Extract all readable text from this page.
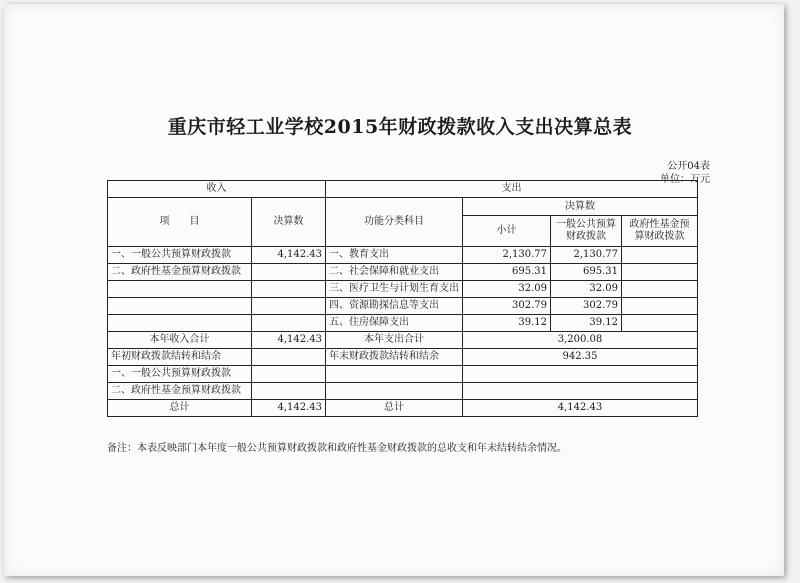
重庆市轻工业学校2015年财政拨款收入支出决算总表
公开04表
单位：万元
收入		支出			
项　　目	决算数	功能分类科目	决算数		
			小计	一般公共预算财政拨款	政府性基金预算财政拨款
一、一般公共预算财政拨款	4,142.43	一、教育支出	2,130.77	2,130.77	
二、政府性基金预算财政拨款		二、社会保障和就业支出	695.31	695.31	
		三、医疗卫生与计划生育支出	32.09	32.09	
		四、资源勘探信息等支出	302.79	302.79	
		五、住房保障支出	39.12	39.12	
本年收入合计	4,142.43	本年支出合计	3,200.08		
年初财政拨款结转和结余		年末财政拨款结转和结余	942.35		
一、一般公共预算财政拨款					
二、政府性基金预算财政拨款					
总计	4,142.43	总计	4,142.43		
备注：本表反映部门本年度一般公共预算财政拨款和政府性基金财政拨款的总收支和年末结转结余情况。
